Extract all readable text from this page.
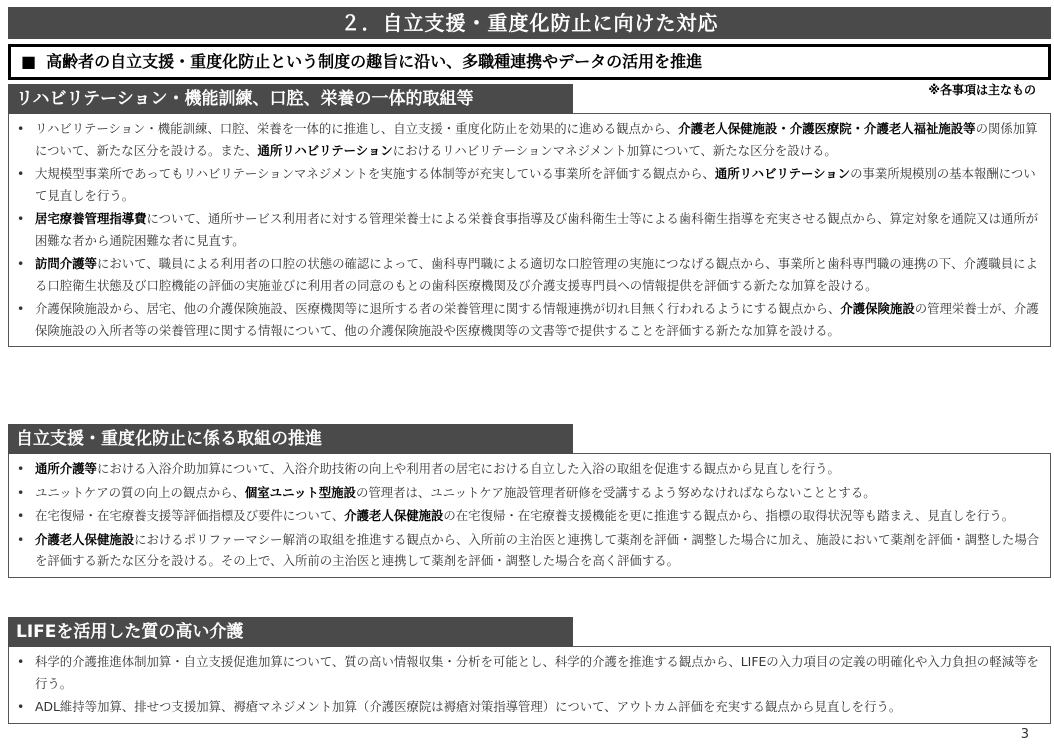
２．自立支援・重度化防止に向けた対応
■ 高齢者の自立支援・重度化防止という制度の趣旨に沿い、多職種連携やデータの活用を推進
※各事項は主なもの
リハビリテーション・機能訓練、口腔、栄養の一体的取組等
• リハビリテーション・機能訓練、口腔、栄養を一体的に推進し、自立支援・重度化防止を効果的に進める観点から、介護老人保健施設・介護医療院・介護老人福祉施設等の関係加算について、新たな区分を設ける。また、通所リハビリテーションにおけるリハビリテーションマネジメント加算について、新たな区分を設ける。
• 大規模型事業所であってもリハビリテーションマネジメントを実施する体制等が充実している事業所を評価する観点から、通所リハビリテーションの事業所規模別の基本報酬について見直しを行う。
• 居宅療養管理指導費について、通所サービス利用者に対する管理栄養士による栄養食事指導及び歯科衛生士等による歯科衛生指導を充実させる観点から、算定対象を通院又は通所が困難な者から通院困難な者に見直す。
• 訪問介護等において、職員による利用者の口腔の状態の確認によって、歯科専門職による適切な口腔管理の実施につなげる観点から、事業所と歯科専門職の連携の下、介護職員による口腔衛生状態及び口腔機能の評価の実施並びに利用者の同意のもとの歯科医療機関及び介護支援専門員への情報提供を評価する新たな加算を設ける。
• 介護保険施設から、居宅、他の介護保険施設、医療機関等に退所する者の栄養管理に関する情報連携が切れ目無く行われるようにする観点から、介護保険施設の管理栄養士が、介護保険施設の入所者等の栄養管理に関する情報について、他の介護保険施設や医療機関等の文書等で提供することを評価する新たな加算を設ける。
自立支援・重度化防止に係る取組の推進
• 通所介護等における入浴介助加算について、入浴介助技術の向上や利用者の居宅における自立した入浴の取組を促進する観点から見直しを行う。
• ユニットケアの質の向上の観点から、個室ユニット型施設の管理者は、ユニットケア施設管理者研修を受講するよう努めなければならないこととする。
• 在宅復帰・在宅療養支援等評価指標及び要件について、介護老人保健施設の在宅復帰・在宅療養支援機能を更に推進する観点から、指標の取得状況等も踏まえ、見直しを行う。
• 介護老人保健施設におけるポリファーマシー解消の取組を推進する観点から、入所前の主治医と連携して薬剤を評価・調整した場合に加え、施設において薬剤を評価・調整した場合を評価する新たな区分を設ける。その上で、入所前の主治医と連携して薬剤を評価・調整した場合を高く評価する。
LIFEを活用した質の高い介護
• 科学的介護推進体制加算・自立支援促進加算について、質の高い情報収集・分析を可能とし、科学的介護を推進する観点から、LIFEの入力項目の定義の明確化や入力負担の軽減等を行う。
• ADL維持等加算、排せつ支援加算、褥瘡マネジメント加算（介護医療院は褥瘡対策指導管理）について、アウトカム評価を充実する観点から見直しを行う。
3
